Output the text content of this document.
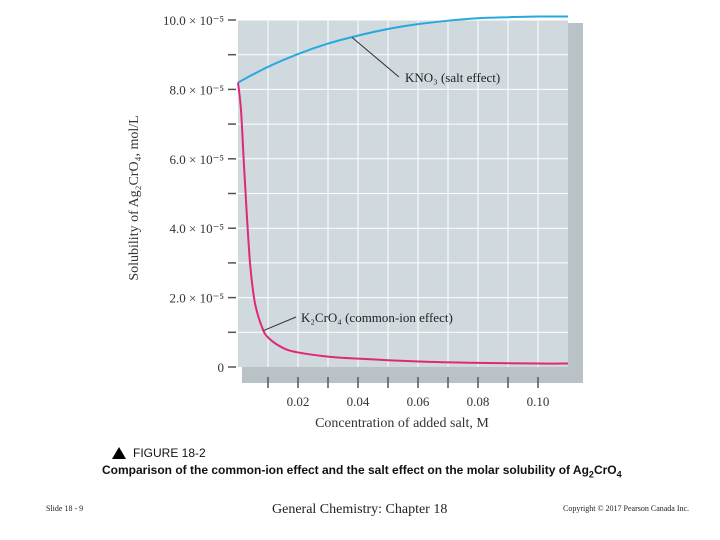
0.02	0.04	0.06	0.08	0.10
0
2.0 × 10⁻⁵
4.0 × 10⁻⁵
6.0 × 10⁻⁵
8.0 × 10⁻⁵
10.0 × 10⁻⁵
KNO₃ (salt effect)
K₂CrO₄ (common-ion effect)
Solubility of Ag₂CrO₄, mol/L
Concentration of added salt, M
FIGURE 18-2
Comparison of the common-ion effect and the salt effect on the molar solubility of $Ag_2CrO_4$
Slide 18 - 9	General Chemistry: Chapter 18	Copyright © 2017 Pearson Canada Inc.
